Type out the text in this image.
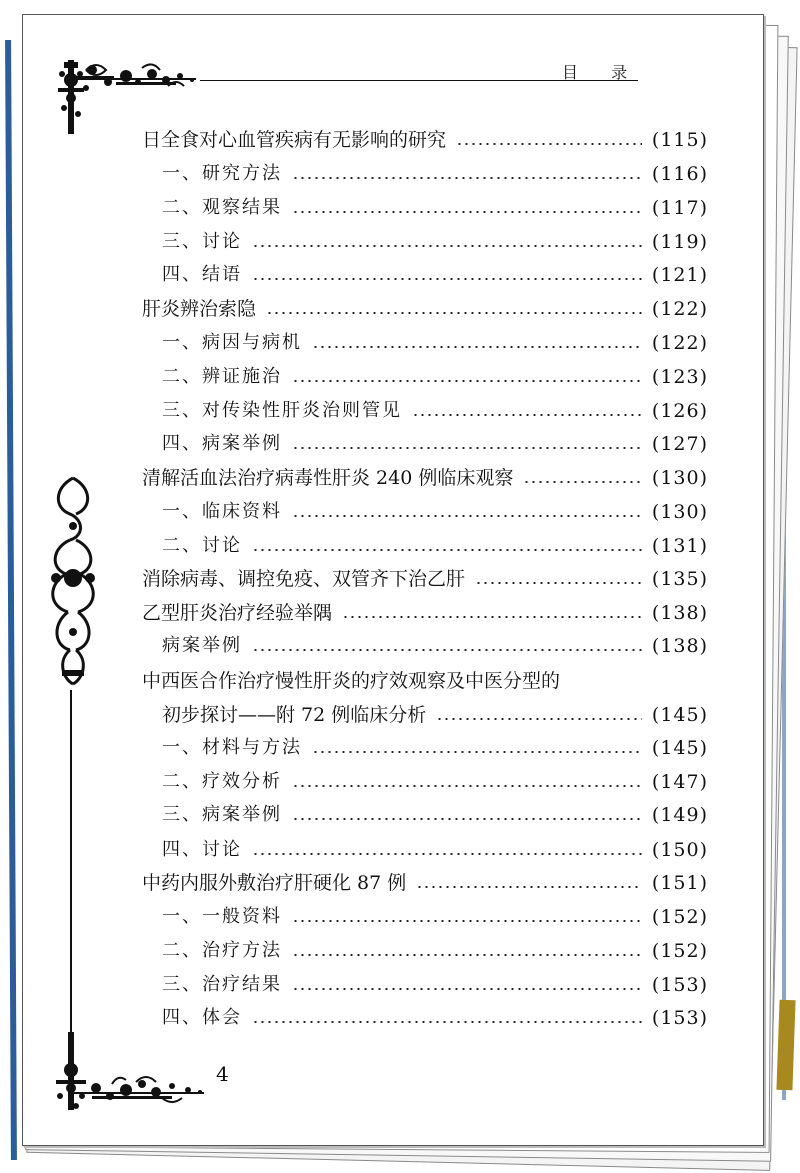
目 录
日全食对心血管疾病有无影响的研究	(115)
一、研究方法	(116)
二、观察结果	(117)
三、讨论	(119)
四、结语	(121)
肝炎辨治索隐	(122)
一、病因与病机	(122)
二、辨证施治	(123)
三、对传染性肝炎治则管见	(126)
四、病案举例	(127)
清解活血法治疗病毒性肝炎 240 例临床观察	(130)
一、临床资料	(130)
二、讨论	(131)
消除病毒、调控免疫、双管齐下治乙肝	(135)
乙型肝炎治疗经验举隅	(138)
病案举例	(138)
中西医合作治疗慢性肝炎的疗效观察及中医分型的
初步探讨——附 72 例临床分析	(145)
一、材料与方法	(145)
二、疗效分析	(147)
三、病案举例	(149)
四、讨论	(150)
中药内服外敷治疗肝硬化 87 例	(151)
一、一般资料	(152)
二、治疗方法	(152)
三、治疗结果	(153)
四、体会	(153)
4
